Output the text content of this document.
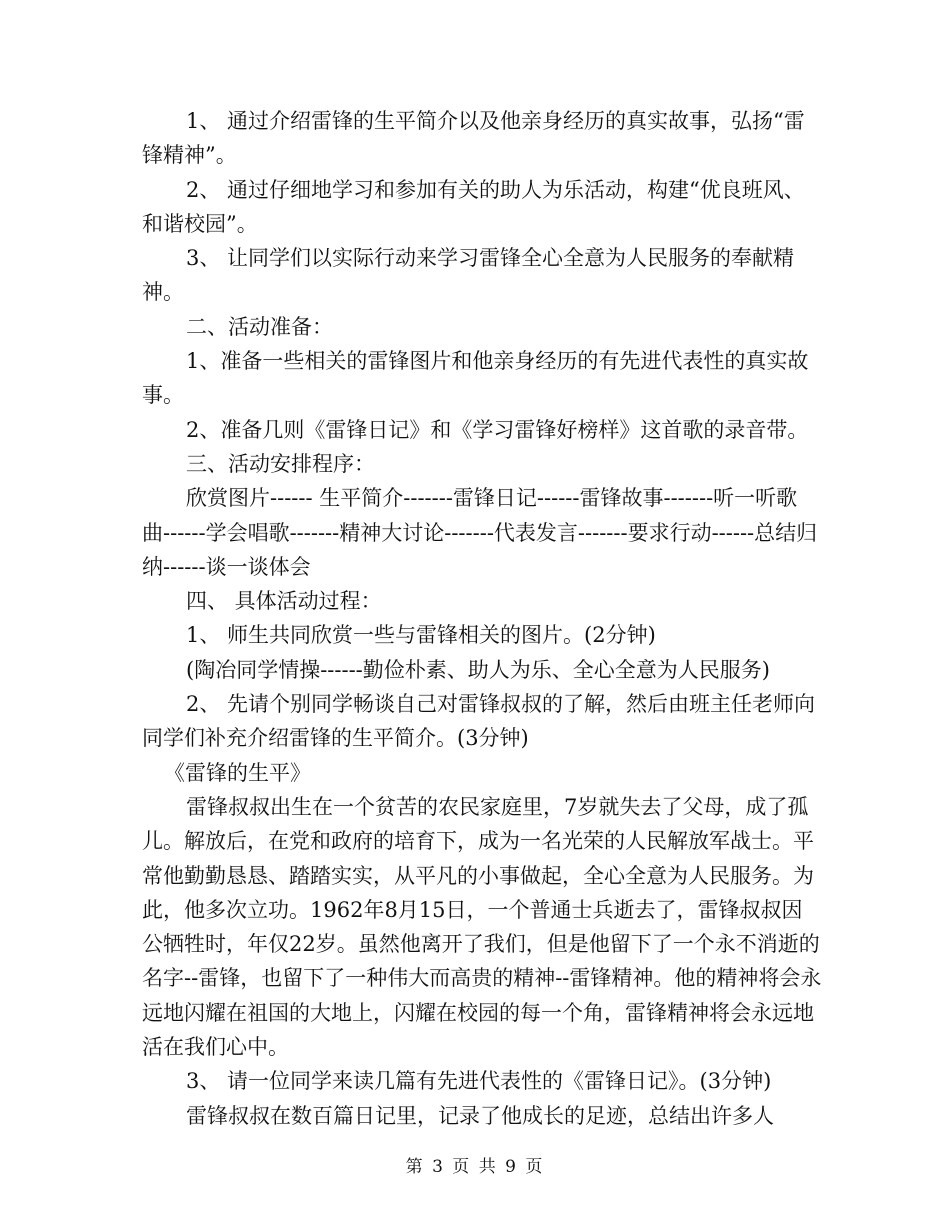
1、 通过介绍雷锋的生平简介以及他亲身经历的真实故事，弘扬“雷锋精神”。

2、 通过仔细地学习和参加有关的助人为乐活动，构建“优良班风、和谐校园”。

3、 让同学们以实际行动来学习雷锋全心全意为人民服务的奉献精神。

二、活动准备：

1、准备一些相关的雷锋图片和他亲身经历的有先进代表性的真实故事。

2、准备几则《雷锋日记》和《学习雷锋好榜样》这首歌的录音带。

三、活动安排程序：

欣赏图片------ 生平简介-------雷锋日记------雷锋故事-------听一听歌曲------学会唱歌-------精神大讨论-------代表发言-------要求行动------总结归纳------谈一谈体会

四、 具体活动过程：

1、 师生共同欣赏一些与雷锋相关的图片。(2分钟)

(陶冶同学情操------勤俭朴素、助人为乐、全心全意为人民服务)

2、 先请个别同学畅谈自己对雷锋叔叔的了解，然后由班主任老师向同学们补充介绍雷锋的生平简介。(3分钟)

《雷锋的生平》

雷锋叔叔出生在一个贫苦的农民家庭里，7岁就失去了父母，成了孤儿。解放后，在党和政府的培育下，成为一名光荣的人民解放军战士。平常他勤勤恳恳、踏踏实实，从平凡的小事做起，全心全意为人民服务。为此，他多次立功。1962年8月15日，一个普通士兵逝去了，雷锋叔叔因公牺牲时，年仅22岁。虽然他离开了我们，但是他留下了一个永不消逝的名字--雷锋，也留下了一种伟大而高贵的精神--雷锋精神。他的精神将会永远地闪耀在祖国的大地上，闪耀在校园的每一个角，雷锋精神将会永远地活在我们心中。

3、 请一位同学来读几篇有先进代表性的《雷锋日记》。(3分钟)

雷锋叔叔在数百篇日记里，记录了他成长的足迹，总结出许多人

第 3 页 共 9 页
